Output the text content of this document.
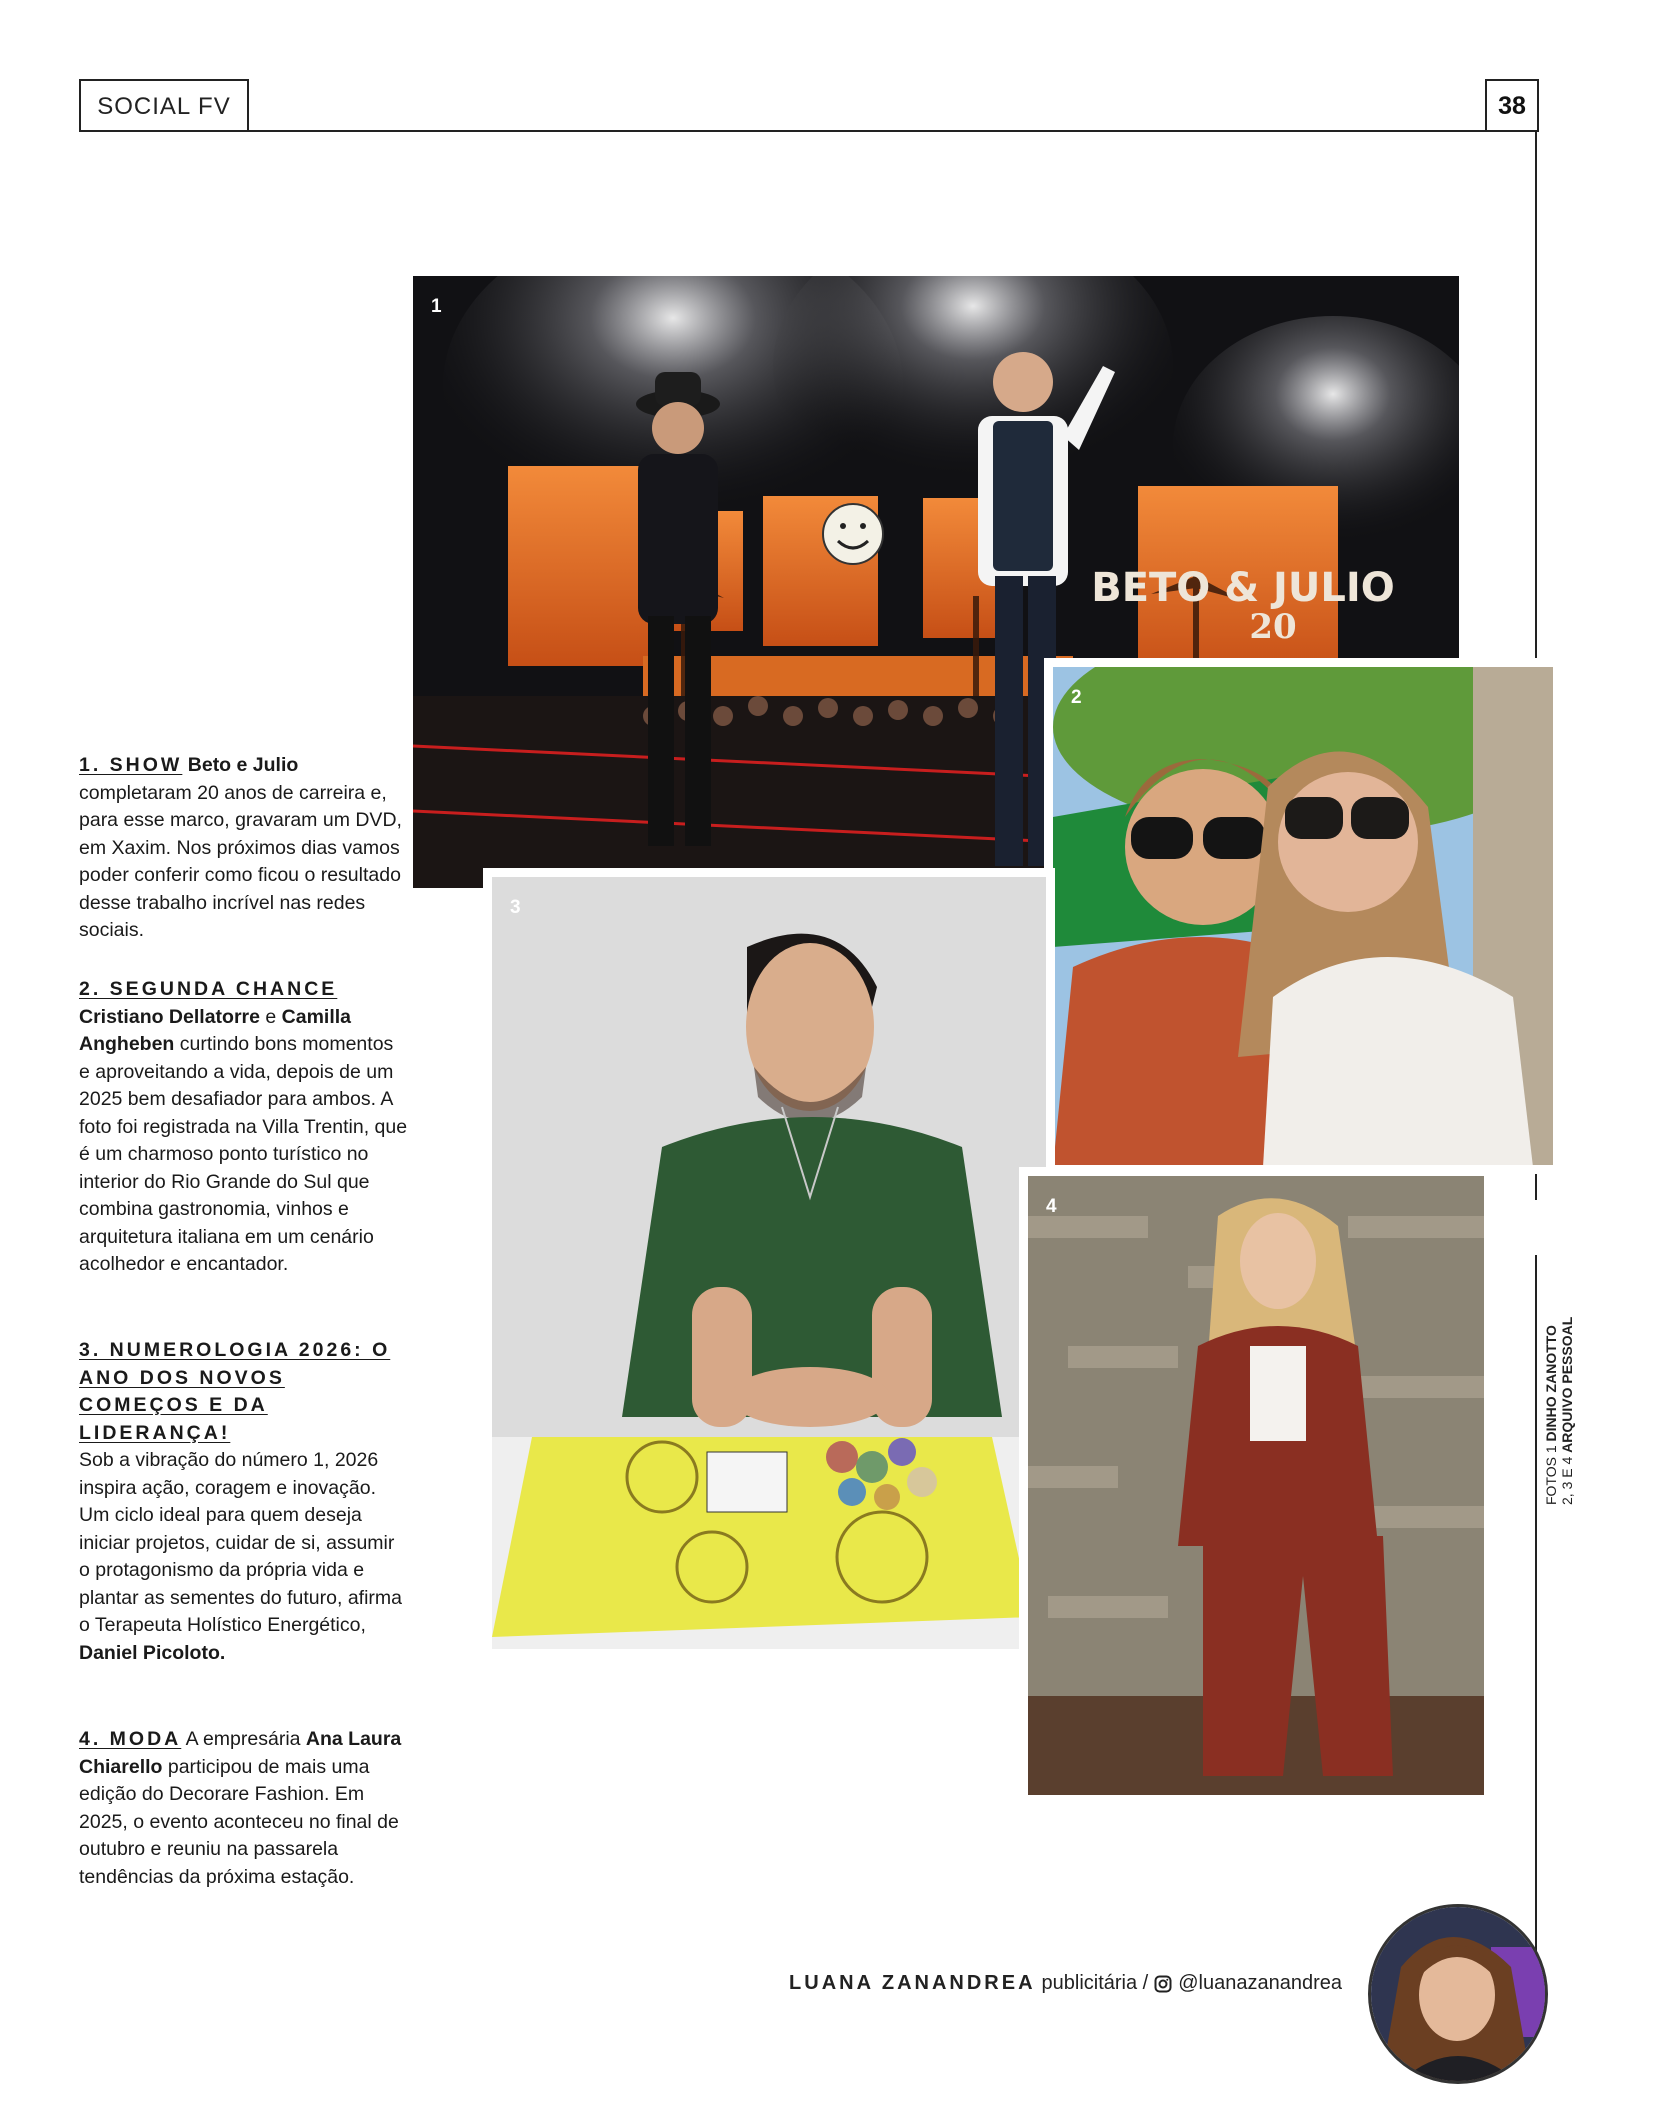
SOCIAL FV	38
BETO & JULIO
20
1
2
3
4

1. SHOW Beto e Julio completaram 20 anos de carreira e, para esse marco, gravaram um DVD, em Xaxim. Nos próximos dias vamos poder conferir como ficou o resultado desse trabalho incrível nas redes sociais.

2. SEGUNDA CHANCE

Cristiano Dellatorre e Camilla Angheben curtindo bons momentos e aproveitando a vida, depois de um 2025 bem desafiador para ambos. A foto foi registrada na Villa Trentin, que é um charmoso ponto turístico no interior do Rio Grande do Sul que combina gastronomia, vinhos e arquitetura italiana em um cenário acolhedor e encantador.

3. NUMEROLOGIA 2026: O ANO DOS NOVOS COMEÇOS E DA LIDERANÇA!

Sob a vibração do número 1, 2026 inspira ação, coragem e inovação. Um ciclo ideal para quem deseja iniciar projetos, cuidar de si, assumir o protagonismo da própria vida e plantar as sementes do futuro, afirma o Terapeuta Holístico Energético, Daniel Picoloto.

4. MODA A empresária Ana Laura Chiarello participou de mais uma edição do Decorare Fashion. Em 2025, o evento aconteceu no final de outubro e reuniu na passarela tendências da próxima estação.

FOTOS 1 DINHO ZANOTTO
2, 3 E 4 ARQUIVO PESSOAL
LUANA ZANANDREA publicitária / @luanazanandrea
